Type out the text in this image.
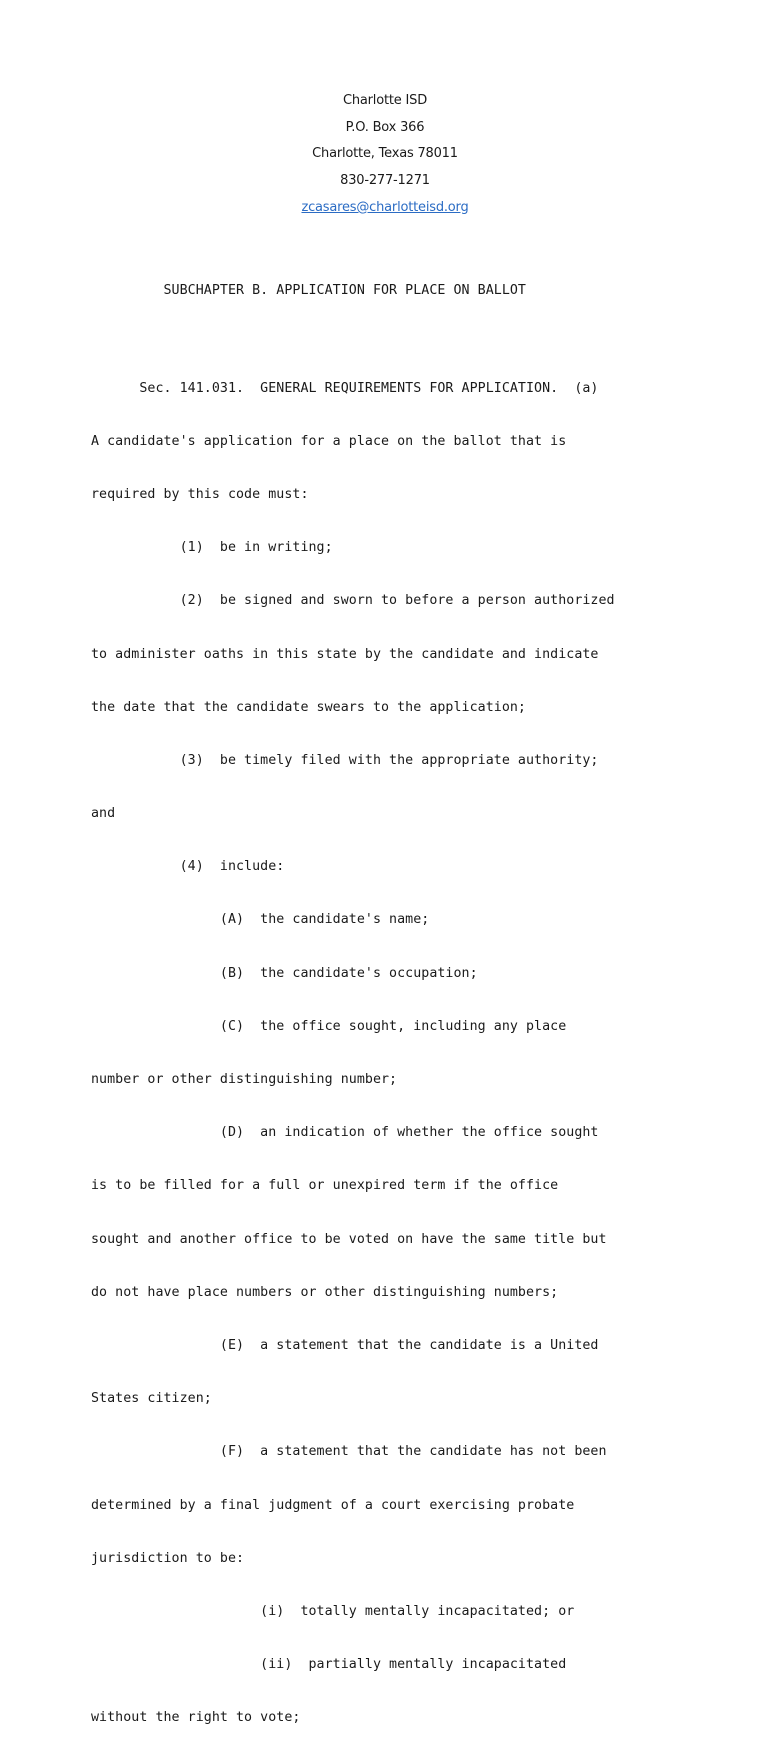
Charlotte ISD
P.O. Box 366
Charlotte, Texas 78011
830-277-1271
zcasares@charlotteisd.org

SUBCHAPTER B. APPLICATION FOR PLACE ON BALLOT

Sec. 141.031.  GENERAL REQUIREMENTS FOR APPLICATION.  (a)

A candidate's application for a place on the ballot that is

required by this code must:

(1)  be in writing;

(2)  be signed and sworn to before a person authorized

to administer oaths in this state by the candidate and indicate

the date that the candidate swears to the application;

(3)  be timely filed with the appropriate authority;

and

(4)  include:

(A)  the candidate's name;

(B)  the candidate's occupation;

(C)  the office sought, including any place

number or other distinguishing number;

(D)  an indication of whether the office sought

is to be filled for a full or unexpired term if the office

sought and another office to be voted on have the same title but

do not have place numbers or other distinguishing numbers;

(E)  a statement that the candidate is a United

States citizen;

(F)  a statement that the candidate has not been

determined by a final judgment of a court exercising probate

jurisdiction to be:

(i)  totally mentally incapacitated; or

(ii)  partially mentally incapacitated

without the right to vote;
